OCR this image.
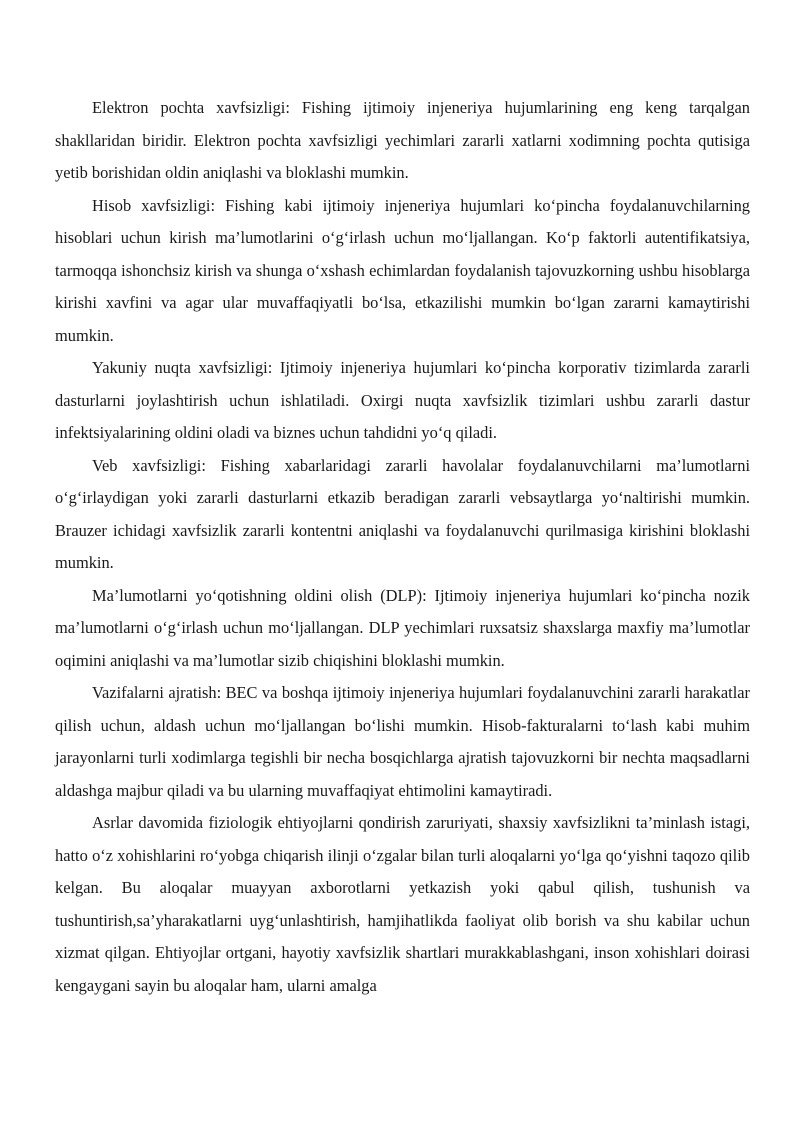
Elektron pochta xavfsizligi: Fishing ijtimoiy injeneriya hujumlarining eng keng tarqalgan shakllaridan biridir. Elektron pochta xavfsizligi yechimlari zararli xatlarni xodimning pochta qutisiga yetib borishidan oldin aniqlashi va bloklashi mumkin.

Hisob xavfsizligi: Fishing kabi ijtimoiy injeneriya hujumlari ko‘pincha foydalanuvchilarning hisoblari uchun kirish ma’lumotlarini o‘g‘irlash uchun mo‘ljallangan. Ko‘p faktorli autentifikatsiya, tarmoqqa ishonchsiz kirish va shunga o‘xshash echimlardan foydalanish tajovuzkorning ushbu hisoblarga kirishi xavfini va agar ular muvaffaqiyatli bo‘lsa, etkazilishi mumkin bo‘lgan zararni kamaytirishi mumkin.

Yakuniy nuqta xavfsizligi: Ijtimoiy injeneriya hujumlari ko‘pincha korporativ tizimlarda zararli dasturlarni joylashtirish uchun ishlatiladi. Oxirgi nuqta xavfsizlik tizimlari ushbu zararli dastur infektsiyalarining oldini oladi va biznes uchun tahdidni yo‘q qiladi.

Veb xavfsizligi: Fishing xabarlaridagi zararli havolalar foydalanuvchilarni ma’lumotlarni o‘g‘irlaydigan yoki zararli dasturlarni etkazib beradigan zararli vebsaytlarga yo‘naltirishi mumkin. Brauzer ichidagi xavfsizlik zararli kontentni aniqlashi va foydalanuvchi qurilmasiga kirishini bloklashi mumkin.

Ma’lumotlarni yo‘qotishning oldini olish (DLP): Ijtimoiy injeneriya hujumlari ko‘pincha nozik ma’lumotlarni o‘g‘irlash uchun mo‘ljallangan. DLP yechimlari ruxsatsiz shaxslarga maxfiy ma’lumotlar oqimini aniqlashi va ma’lumotlar sizib chiqishini bloklashi mumkin.

Vazifalarni ajratish: BEC va boshqa ijtimoiy injeneriya hujumlari foydalanuvchini zararli harakatlar qilish uchun, aldash uchun mo‘ljallangan bo‘lishi mumkin. Hisob-fakturalarni to‘lash kabi muhim jarayonlarni turli xodimlarga tegishli bir necha bosqichlarga ajratish tajovuzkorni bir nechta maqsadlarni aldashga majbur qiladi va bu ularning muvaffaqiyat ehtimolini kamaytiradi.

Asrlar davomida fiziologik ehtiyojlarni qondirish zaruriyati, shaxsiy xavfsizlikni ta’minlash istagi, hatto o‘z xohishlarini ro‘yobga chiqarish ilinji o‘zgalar bilan turli aloqalarni yo‘lga qo‘yishni taqozo qilib kelgan. Bu aloqalar muayyan axborotlarni yetkazish yoki qabul qilish, tushunish va tushuntirish,sa’yharakatlarni uyg‘unlashtirish, hamjihatlikda faoliyat olib borish va shu kabilar uchun xizmat qilgan. Ehtiyojlar ortgani, hayotiy xavfsizlik shartlari murakkablashgani, inson xohishlari doirasi kengaygani sayin bu aloqalar ham, ularni amalga
